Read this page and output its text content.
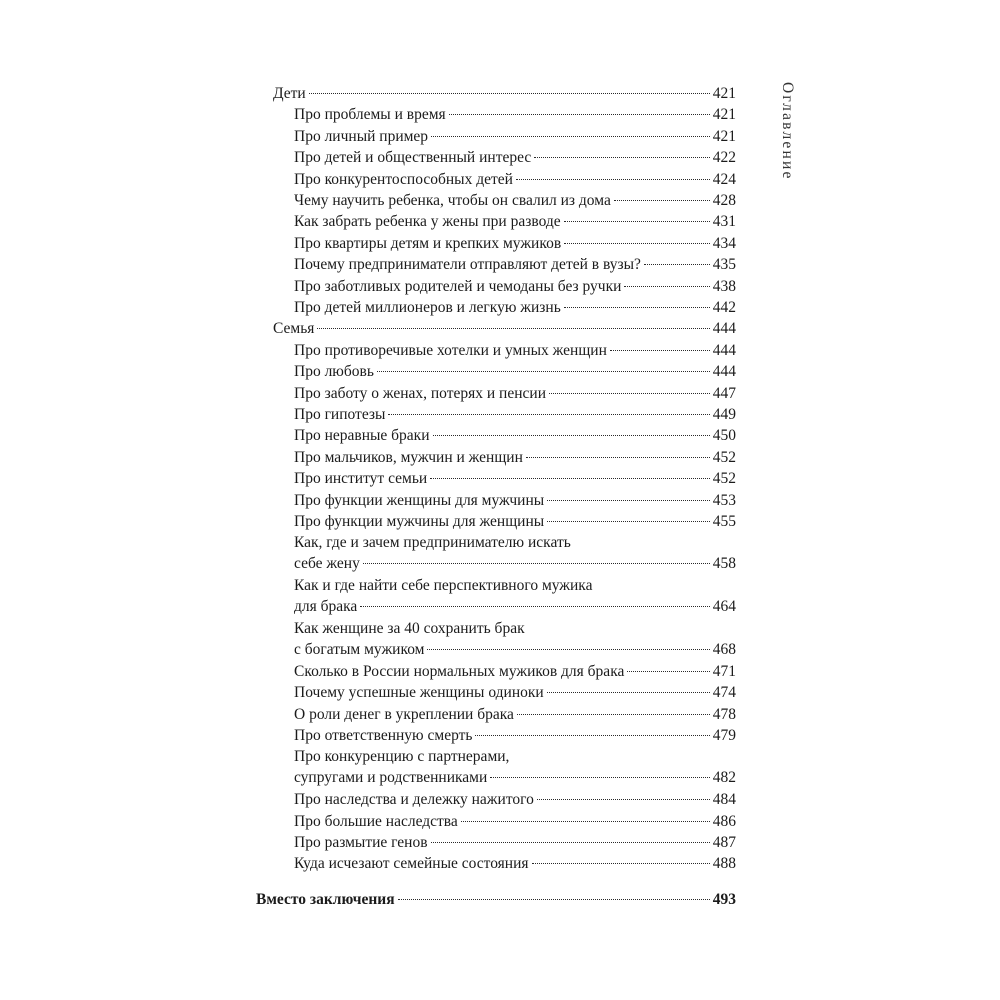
Дети	421
Про проблемы и время	421
Про личный пример	421
Про детей и общественный интерес	422
Про конкурентоспособных детей	424
Чему научить ребенка, чтобы он свалил из дома	428
Как забрать ребенка у жены при разводе	431
Про квартиры детям и крепких мужиков	434
Почему предприниматели отправляют детей в вузы?	435
Про заботливых родителей и чемоданы без ручки	438
Про детей миллионеров и легкую жизнь	442
Семья	444
Про противоречивые хотелки и умных женщин	444
Про любовь	444
Про заботу о женах, потерях и пенсии	447
Про гипотезы	449
Про неравные браки	450
Про мальчиков, мужчин и женщин	452
Про институт семьи	452
Про функции женщины для мужчины	453
Про функции мужчины для женщины	455
Как, где и зачем предпринимателю искать
себе жену	458
Как и где найти себе перспективного мужика
для брака	464
Как женщине за 40 сохранить брак
с богатым мужиком	468
Сколько в России нормальных мужиков для брака	471
Почему успешные женщины одиноки	474
О роли денег в укреплении брака	478
Про ответственную смерть	479
Про конкуренцию с партнерами,
супругами и родственниками	482
Про наследства и дележку нажитого	484
Про большие наследства	486
Про размытие генов	487
Куда исчезают семейные состояния	488
Вместо заключения	493
Оглавление
